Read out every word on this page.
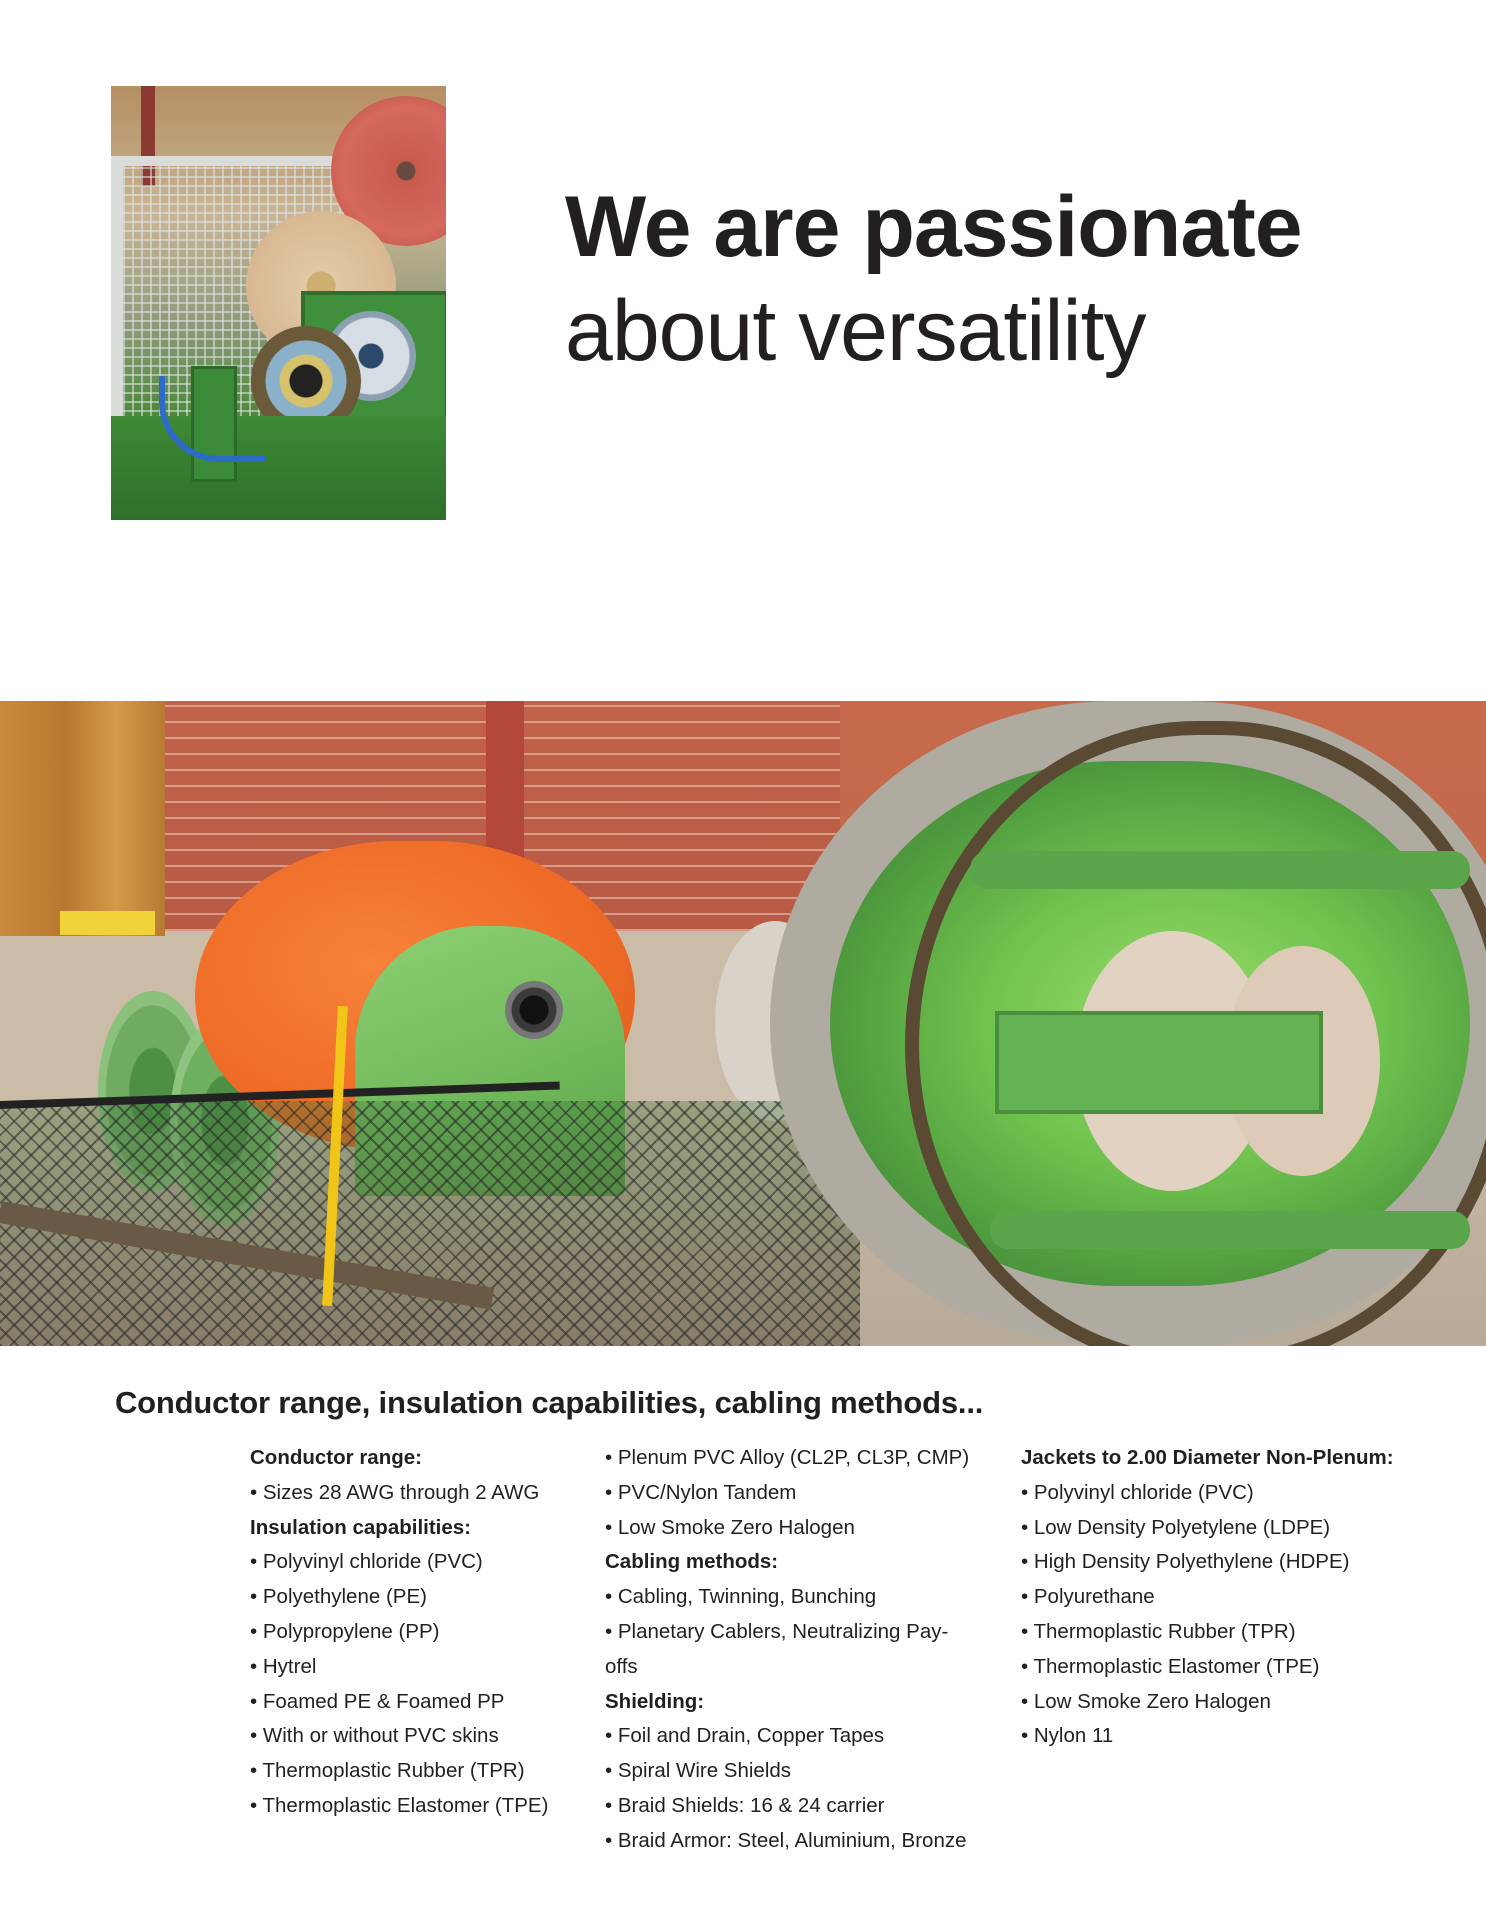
We are passionate
about versatility
Conductor range, insulation capabilities, cabling methods...
Conductor range:
• Sizes 28 AWG through 2 AWG
Insulation capabilities:
• Polyvinyl chloride (PVC)
• Polyethylene (PE)
• Polypropylene (PP)
• Hytrel
• Foamed PE & Foamed PP
• With or without PVC skins
• Thermoplastic Rubber (TPR)
• Thermoplastic Elastomer (TPE)
• Plenum PVC Alloy (CL2P, CL3P, CMP)
• PVC/Nylon Tandem
• Low Smoke Zero Halogen
Cabling methods:
• Cabling, Twinning, Bunching
• Planetary Cablers, Neutralizing Pay-
offs
Shielding:
• Foil and Drain, Copper Tapes
• Spiral Wire Shields
• Braid Shields: 16 & 24 carrier
• Braid Armor: Steel, Aluminium, Bronze
Jackets to 2.00 Diameter Non-Plenum:
• Polyvinyl chloride (PVC)
• Low Density Polyetylene (LDPE)
• High Density Polyethylene (HDPE)
• Polyurethane
• Thermoplastic Rubber (TPR)
• Thermoplastic Elastomer (TPE)
• Low Smoke Zero Halogen
• Nylon 11
